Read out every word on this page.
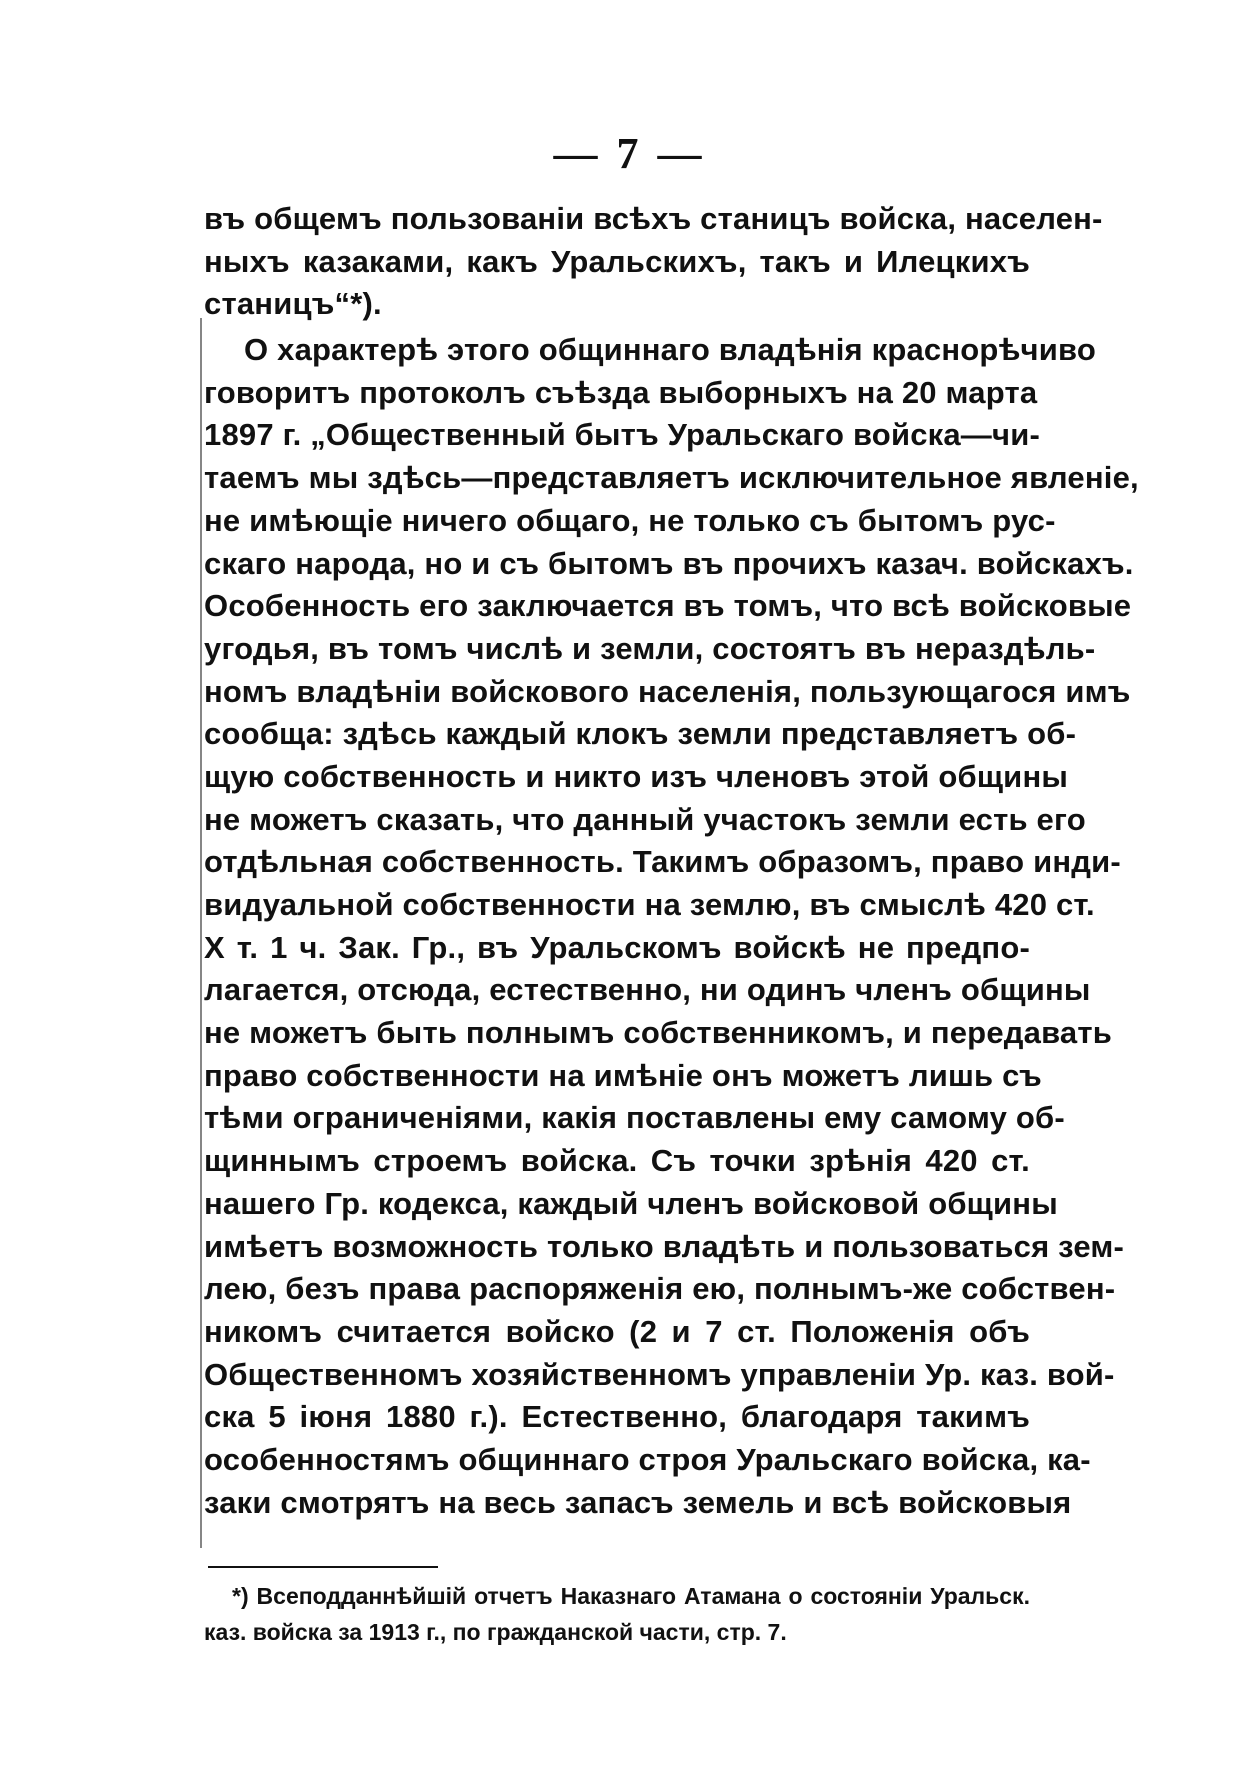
— 7 —
въ общемъ пользованіи всѣхъ станицъ войска, населен-
ныхъ казаками, какъ Уральскихъ, такъ и Илецкихъ
станицъ“*).
О характерѣ этого общиннаго владѣнія краснорѣчиво
говоритъ протоколъ съѣзда выборныхъ на 20 марта
1897 г. „Общественный бытъ Уральскаго войска—чи-
таемъ мы здѣсь—представляетъ исключительное явленіе,
не имѣющіе ничего общаго, не только съ бытомъ рус-
скаго народа, но и съ бытомъ въ прочихъ казач. войскахъ.
Особенность его заключается въ томъ, что всѣ войсковые
угодья, въ томъ числѣ и земли, состоятъ въ нераздѣль-
номъ владѣніи войскового населенія, пользующагося имъ
сообща: здѣсь каждый клокъ земли представляетъ об-
щую собственность и никто изъ членовъ этой общины
не можетъ сказать, что данный участокъ земли есть его
отдѣльная собственность. Такимъ образомъ, право инди-
видуальной собственности на землю, въ смыслѣ 420 ст.
X т. 1 ч. Зак. Гр., въ Уральскомъ войскѣ не предпо-
лагается, отсюда, естественно, ни одинъ членъ общины
не можетъ быть полнымъ собственникомъ, и передавать
право собственности на имѣніе онъ можетъ лишь съ
тѣми ограниченіями, какія поставлены ему самому об-
щиннымъ строемъ войска. Съ точки зрѣнія 420 ст.
нашего Гр. кодекса, каждый членъ войсковой общины
имѣетъ возможность только владѣть и пользоваться зем-
лею, безъ права распоряженія ею, полнымъ-же собствен-
никомъ считается войско (2 и 7 ст. Положенія объ
Общественномъ хозяйственномъ управленіи Ур. каз. вой-
ска 5 іюня 1880 г.). Естественно, благодаря такимъ
особенностямъ общиннаго строя Уральскаго войска, ка-
заки смотрятъ на весь запасъ земель и всѣ войсковыя
*) Всеподданнѣйшій отчетъ Наказнаго Атамана о состояніи Уральск.
каз. войска за 1913 г., по гражданской части, стр. 7.
